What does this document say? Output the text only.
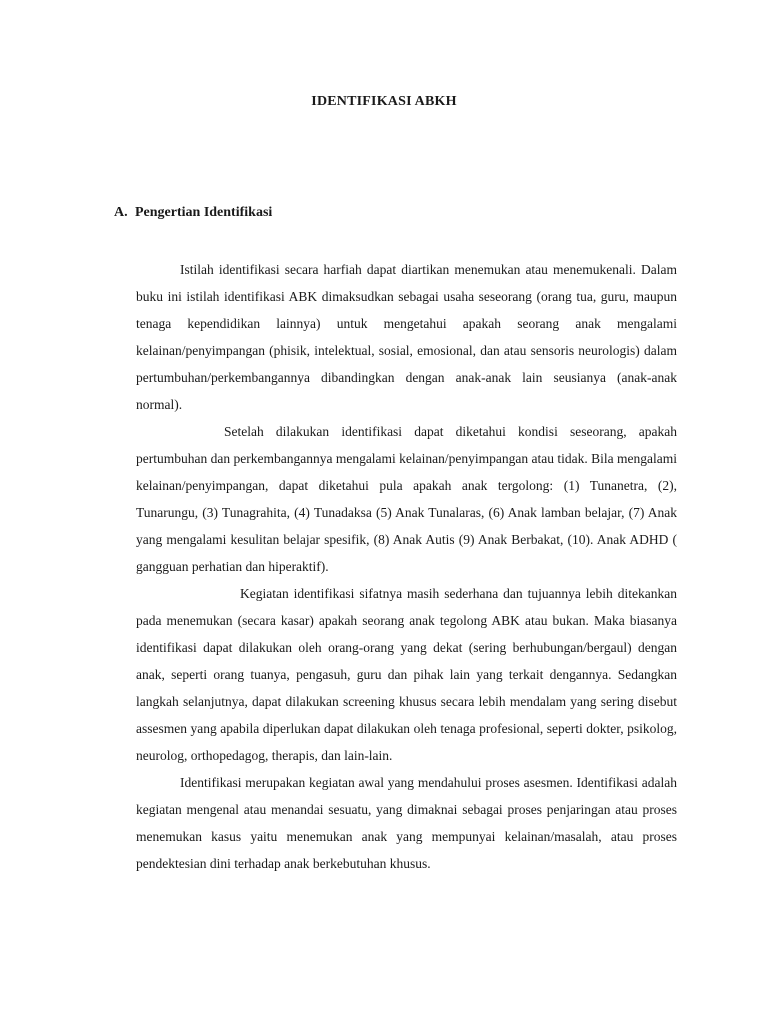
IDENTIFIKASI ABKH
A. Pengertian Identifikasi

Istilah identifikasi secara harfiah dapat diartikan menemukan atau menemukenali. Dalam buku ini istilah identifikasi ABK dimaksudkan sebagai usaha seseorang (orang tua, guru, maupun tenaga kependidikan lainnya) untuk mengetahui apakah seorang anak mengalami kelainan/penyimpangan (phisik, intelektual, sosial, emosional, dan atau sensoris neurologis) dalam pertumbuhan/perkembangannya dibandingkan dengan anak-anak lain seusianya (anak-anak normal).

Setelah dilakukan identifikasi dapat diketahui kondisi seseorang, apakah pertumbuhan dan perkembangannya mengalami kelainan/penyimpangan atau tidak. Bila mengalami kelainan/penyimpangan, dapat diketahui pula apakah anak tergolong: (1) Tunanetra, (2), Tunarungu, (3) Tunagrahita, (4) Tunadaksa (5) Anak Tunalaras, (6) Anak lamban belajar, (7) Anak yang mengalami kesulitan belajar spesifik, (8) Anak Autis (9) Anak Berbakat, (10). Anak ADHD ( gangguan perhatian dan hiperaktif).

Kegiatan identifikasi sifatnya masih sederhana dan tujuannya lebih ditekankan pada menemukan (secara kasar) apakah seorang anak tegolong ABK atau bukan. Maka biasanya identifikasi dapat dilakukan oleh orang-orang yang dekat (sering berhubungan/bergaul) dengan anak, seperti orang tuanya, pengasuh, guru dan pihak lain yang terkait dengannya. Sedangkan langkah selanjutnya, dapat dilakukan screening khusus secara lebih mendalam yang sering disebut assesmen yang apabila diperlukan dapat dilakukan oleh tenaga profesional, seperti dokter, psikolog, neurolog, orthopedagog, therapis, dan lain-lain.

Identifikasi merupakan kegiatan awal yang mendahului proses asesmen. Identifikasi adalah kegiatan mengenal atau menandai sesuatu, yang dimaknai sebagai proses penjaringan atau proses menemukan kasus yaitu menemukan anak yang mempunyai kelainan/masalah, atau proses pendektesian dini terhadap anak berkebutuhan khusus.
